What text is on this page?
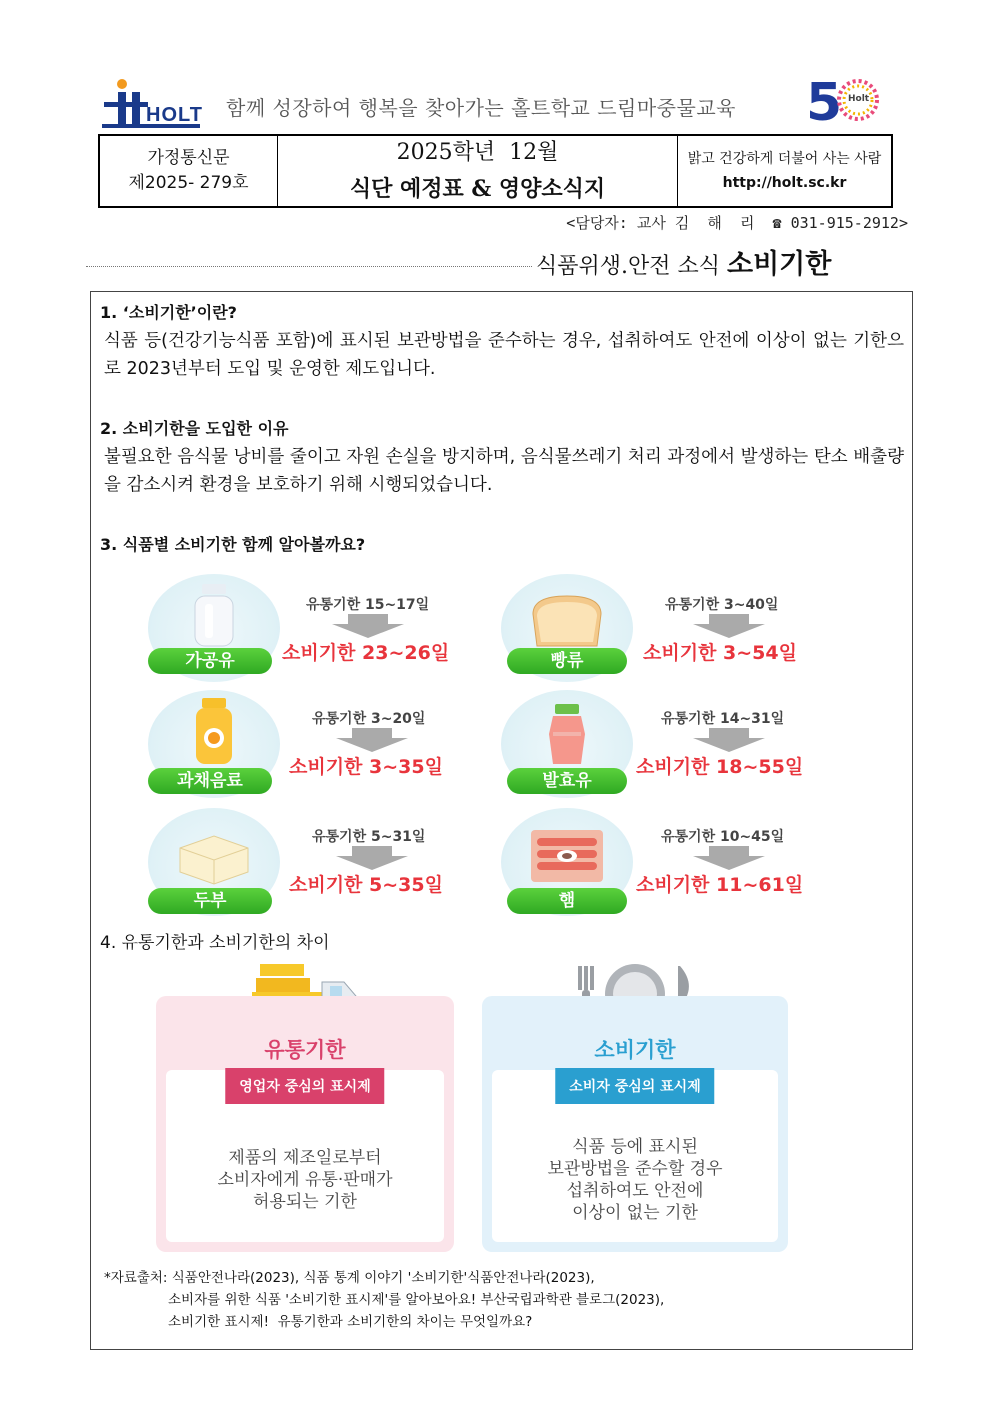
HOLT 함께 성장하여 행복을 찾아가는 홀트학교 드림마중물교육 5 Holt
가정통신문
제2025- 279호
2025학년  12월
식단 예정표 & 영양소식지
밝고 건강하게 더불어 사는 사람
http://holt.sc.kr
<담당자: 교사 김  해  리  ☎ 031-915-2912>
식품위생.안전 소식 소비기한
1. ‘소비기한’이란?
식품 등(건강기능식품 포함)에 표시된 보관방법을 준수하는 경우, 섭취하여도 안전에 이상이 없는 기한으로 2023년부터 도입 및 운영한 제도입니다.
2. 소비기한을 도입한 이유
불필요한 음식물 낭비를 줄이고 자원 손실을 방지하며, 음식물쓰레기 처리 과정에서 발생하는 탄소 배출량을 감소시켜 환경을 보호하기 위해 시행되었습니다.
3. 식품별 소비기한 함께 알아볼까요?
가공유
유통기한 15~17일
소비기한 23~26일	빵류
유통기한 3~40일
소비기한 3~54일
과채음료
유통기한 3~20일
소비기한 3~35일
발효유
유통기한 14~31일
소비기한 18~55일
두부
유통기한 5~31일
소비기한 5~35일
햄
유통기한 10~45일
소비기한 11~61일
4. 유통기한과 소비기한의 차이
유통기한
영업자 중심의 표시제
제품의 제조일로부터
소비자에게 유통·판매가
허용되는 기한
소비기한
소비자 중심의 표시제
식품 등에 표시된
보관방법을 준수할 경우
섭취하여도 안전에
이상이 없는 기한
*자료출처: 식품안전나라(2023), 식품 통계 이야기 '소비기한'식품안전나라(2023),
소비자를 위한 식품 '소비기한 표시제'를 알아보아요! 부산국립과학관 블로그(2023),
소비기한 표시제!  유통기한과 소비기한의 차이는 무엇일까요?
